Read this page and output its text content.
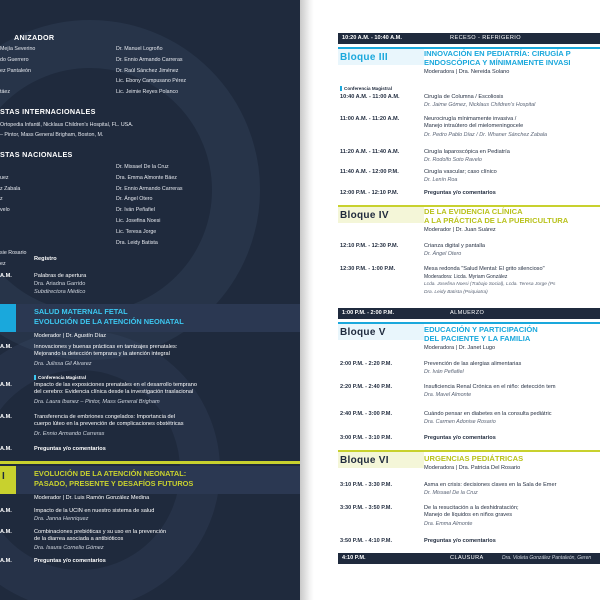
ANIZADOR
Mejía Severino
do Guerrero
ez Pantaleón

táez
Dr. Manuel Logroño
Dr. Ennio Armando Carreras
Dr. Raúl Sánchez Jiménez
Lic. Ebony Campusano Pérez
Lic. Jeimie Reyes Polanco
STAS INTERNACIONALES
Ortopedia Infantil, Nicklaus Children's Hospital, FL. USA.
– Pintor, Mass General Brigham, Boston, M.
STAS NACIONALES

uez
z Zabala
z
velo

sie Rosario
ez
Dr. Missael De la Cruz
Dra. Emma Almonte Báez
Dr. Ennio Armando Carreras
Dr. Ángel Otero
Dr. Iván Peñafiel
Lic. Josefina Noesi
Lic. Teresa Jorge
Dra. Leidy Batista
Registro
A.M.	Palabras de apertura
Dra. Ariadna Garrido
Subdirectora Médico
SALUD MATERNAL FETAL
EVOLUCIÓN DE LA ATENCIÓN NEONATAL
Moderador | Dr. Agustín Díaz
A.M.	Innovaciones y buenas prácticas en tamizajes prenatales:
Mejorando la detección temprana y la atención integral
Dra. Julissa Gil Alvarez
Conferencia Magistral
A.M.	Impacto de las exposiciones prenatales en el desarrollo temprano
del cerebro: Evidencia clínica desde la investigación traslacional
Dra. Laura Ibanez – Pintor, Mass General Brigham
A.M.	Transferencia de embriones congelados: Importancia del
cuerpo lúteo en la prevención de complicaciones obstétricas
Dr. Ennio Armando Carreras
A.M.	Preguntas y/o comentarios
I	EVOLUCIÓN DE LA ATENCIÓN NEONATAL:
PASADO, PRESENTE Y DESAFÍOS FUTUROS
Moderador | Dr. Luis Ramón González Medina
A.M.	Impacto de la UCIN en nuestro sistema de salud
Dra. Janna Henriquez
A.M.	Combinaciones prebióticas y su uso en la prevención
de la diarrea asociada a antibióticos
Dra. Isaura Cornelio Gómez
A.M.	Preguntas y/o comentarios
10:20 A.M. - 10:40 A.M.	RECESO - REFRIGERIO
Bloque III	INNOVACIÓN EN PEDIATRÍA: CIRUGÍA P
ENDOSCÓPICA Y MÍNIMAMENTE INVASI
Moderadora | Dra. Nereida Solano
Conferencia Magistral
10:40 A.M. - 11:00 A.M.	Cirugía de Columna / Escoliosis
Dr. Jaime Gómez, Nicklaus Children's Hospital
11:00 A.M. - 11:20 A.M.	Neurocirugía mínimamente invasiva /
Manejo intraútero del mielomeningocele
Dr. Pedro Pablo Díaz / Dr. Whaner Sánchez Zabala
11:20 A.M. - 11:40 A.M.	Cirugía laparoscópica en Pediatría
Dr. Rodolfo Soto Ravelo
11:40 A.M. - 12:00 P.M.	Cirugía vascular; caso clínico
Dr. Lenín Roa
12:00 P.M. - 12:10 P.M.	Preguntas y/o comentarios
Bloque IV	DE LA EVIDENCIA CLÍNICA
A LA PRÁCTICA DE LA PUERICULTURA
Moderador | Dr. Juan Suárez
12:10 P.M. - 12:30 P.M.	Crianza digital y pantalla
Dr. Ángel Otero
12:30 P.M. - 1:00 P.M.	Mesa redonda "Salud Mental: El grito silencioso"
Moderadora: Licda. Myriam González
Lcda. Josefina Noesi (Trabajo Social), Lcda. Teresa Jorge (Ps
Dra. Leidy Batista (Psiquiatra)
1:00 P.M. - 2:00 P.M.	ALMUERZO
Bloque V	EDUCACIÓN Y PARTICIPACIÓN
DEL PACIENTE Y LA FAMILIA
Moderadora | Dr. Janet Lugo
2:00 P.M. - 2:20 P.M.	Prevención de las alergias alimentarias
Dr. Iván Peñafiel
2:20 P.M. - 2:40 P.M.	Insuficiencia Renal Crónica en el niño: detección tem
Dra. Mavel Almonte
2:40 P.M. - 3:00 P.M.	Cuándo pensar en diabetes en la consulta pediátric
Dra. Carmen Adonise Rosario
3:00 P.M. - 3:10 P.M.	Preguntas y/o comentarios
Bloque VI	URGENCIAS PEDIÁTRICAS
Moderadora | Dra. Patricia Del Rosario
3:10 P.M. - 3:30 P.M.	Asma en crisis: decisiones claves en la Sala de Emer
Dr. Missael De la Cruz
3:30 P.M. - 3:50 P.M.	De la resucitación a la deshidratación;
Manejo de líquidos en niños graves
Dra. Emma Almonte
3:50 P.M. - 4:10 P.M.	Preguntas y/o comentarios
4:10 P.M.	CLAUSURA	Dra. Violeta González Pantaleón, Geren
